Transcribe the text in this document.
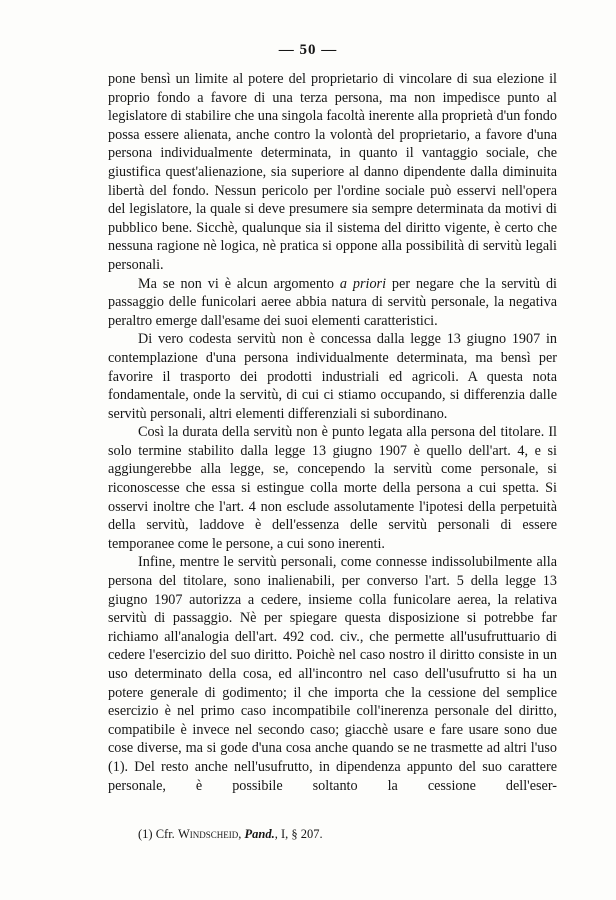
— 50 —

pone bensì un limite al potere del proprietario di vincolare di sua elezione il proprio fondo a favore di una terza persona, ma non impedisce punto al legislatore di stabilire che una singola facoltà inerente alla proprietà d'un fondo possa essere alienata, anche contro la volontà del proprietario, a favore d'una persona individualmente determinata, in quanto il vantaggio sociale, che giustifica quest'alienazione, sia superiore al danno dipendente dalla diminuita libertà del fondo. Nessun pericolo per l'ordine sociale può esservi nell'opera del legislatore, la quale si deve presumere sia sempre determinata da motivi di pubblico bene. Sicchè, qualunque sia il sistema del diritto vigente, è certo che nessuna ragione nè logica, nè pratica si oppone alla possibilità di servitù legali personali.

Ma se non vi è alcun argomento a priori per negare che la servitù di passaggio delle funicolari aeree abbia natura di servitù personale, la negativa peraltro emerge dall'esame dei suoi elementi caratteristici.

Di vero codesta servitù non è concessa dalla legge 13 giugno 1907 in contemplazione d'una persona individualmente determinata, ma bensì per favorire il trasporto dei prodotti industriali ed agricoli. A questa nota fondamentale, onde la servitù, di cui ci stiamo occupando, si differenzia dalle servitù personali, altri elementi differenziali si subordinano.

Così la durata della servitù non è punto legata alla persona del titolare. Il solo termine stabilito dalla legge 13 giugno 1907 è quello dell'art. 4, e si aggiungerebbe alla legge, se, concependo la servitù come personale, si riconoscesse che essa si estingue colla morte della persona a cui spetta. Si osservi inoltre che l'art. 4 non esclude assolutamente l'ipotesi della perpetuità della servitù, laddove è dell'essenza delle servitù personali di essere temporanee come le persone, a cui sono inerenti.

Infine, mentre le servitù personali, come connesse indissolubilmente alla persona del titolare, sono inalienabili, per converso l'art. 5 della legge 13 giugno 1907 autorizza a cedere, insieme colla funicolare aerea, la relativa servitù di passaggio. Nè per spiegare questa disposizione si potrebbe far richiamo all'analogia dell'art. 492 cod. civ., che permette all'usufruttuario di cedere l'esercizio del suo diritto. Poichè nel caso nostro il diritto consiste in un uso determinato della cosa, ed all'incontro nel caso dell'usufrutto si ha un potere generale di godimento; il che importa che la cessione del semplice esercizio è nel primo caso incompatibile coll'inerenza personale del diritto, compatibile è invece nel secondo caso; giacchè usare e fare usare sono due cose diverse, ma si gode d'una cosa anche quando se ne trasmette ad altri l'uso (1). Del resto anche nell'usufrutto, in dipendenza appunto del suo carattere personale, è possibile soltanto la cessione dell'eser-

(1) Cfr. Windscheid, Pand., I, § 207.
